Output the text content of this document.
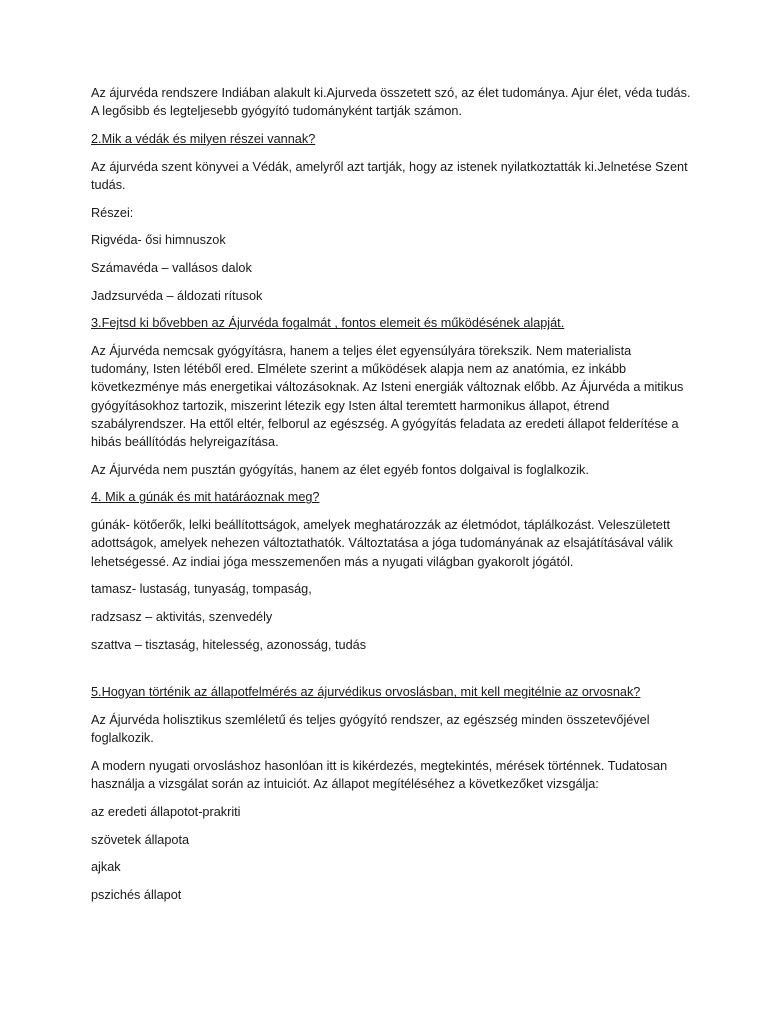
Az ájurvéda rendszere Indiában alakult ki.Ajurveda összetett szó, az élet tudománya. Ajur élet, véda tudás. A legősibb és legteljesebb gyógyító tudományként tartják számon.

2.Mik a védák és milyen részei vannak?

Az ájurvéda szent könyvei a Védák, amelyről azt tartják, hogy az istenek nyilatkoztatták ki.Jelnetése Szent tudás.

Részei:

Rigvéda- ősi himnuszok

Számavéda – vallásos dalok

Jadzsurvéda – áldozati rítusok

3.Fejtsd ki bővebben az Ájurvéda fogalmát , fontos elemeit és működésének alapját.

Az Ájurvéda nemcsak gyógyításra, hanem a teljes élet egyensúlyára törekszik. Nem materialista tudomány, Isten létéből ered. Elmélete szerint a működések alapja nem az anatómia, ez inkább következménye más energetikai változásoknak. Az Isteni energiák változnak előbb. Az Ájurvéda a mitikus gyógyításokhoz tartozik, miszerint létezik egy Isten által teremtett harmonikus állapot, étrend szabályrendszer. Ha ettől eltér, felborul az egészség. A gyógyítás feladata az eredeti állapot felderítése a hibás beállítódás helyreigazítása.

Az Ájurvéda nem pusztán gyógyítás, hanem az élet egyéb fontos dolgaival is foglalkozik.

4. Mik a gúnák és mit határáoznak meg?

gúnák- kötőerők, lelki beállítottságok, amelyek meghatározzák az életmódot, táplálkozást. Veleszületett adottságok, amelyek nehezen változtathatók. Változtatása a jóga tudományának az elsajátításával válik lehetségessé. Az indiai jóga messzemenően más a nyugati világban gyakorolt jógától.

tamasz- lustaság, tunyaság, tompaság,

radzsasz – aktivitás, szenvedély

szattva – tisztaság, hitelesség, azonosság, tudás

5.Hogyan történik az állapotfelmérés az ájurvédikus orvoslásban, mit kell megitélnie az orvosnak?

Az Ájurvéda holisztikus szemléletű és teljes gyógyító rendszer, az egészség minden összetevőjével foglalkozik.

A modern nyugati orvosláshoz hasonlóan itt is kikérdezés, megtekintés, mérések történnek. Tudatosan használja a vizsgálat során az intuiciót. Az állapot megítéléséhez a következőket vizsgálja:

az eredeti állapotot-prakriti

szövetek állapota

ajkak

pszichés állapot
